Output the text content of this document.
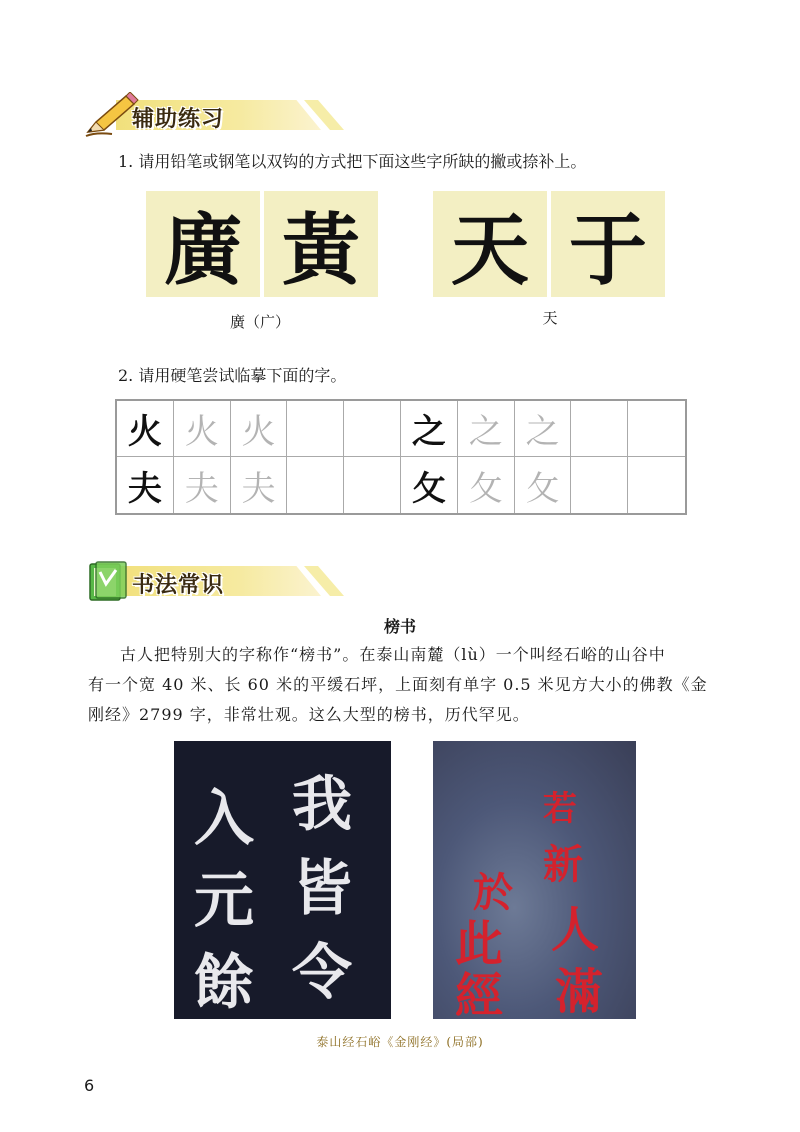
辅助练习
1. 请用铅笔或钢笔以双钩的方式把下面这些字所缺的撇或捺补上。
廣 黃 天 于
廣（广）	天
2. 请用硬笔尝试临摹下面的字。
火 火 火	之 之 之
夫 夫 夫	攵 攵 攵
书法常识
榜书
古人把特别大的字称作“榜书”。在泰山南麓（lù）一个叫经石峪的山谷中
有一个宽 40 米、长 60 米的平缓石坪，上面刻有单字 0.5 米见方大小的佛教《金
刚经》2799 字，非常壮观。这么大型的榜书，历代罕见。
我
入
皆
元
令
餘
若
新
於
此 人
經 滿
泰山经石峪《金刚经》(局部)
6
